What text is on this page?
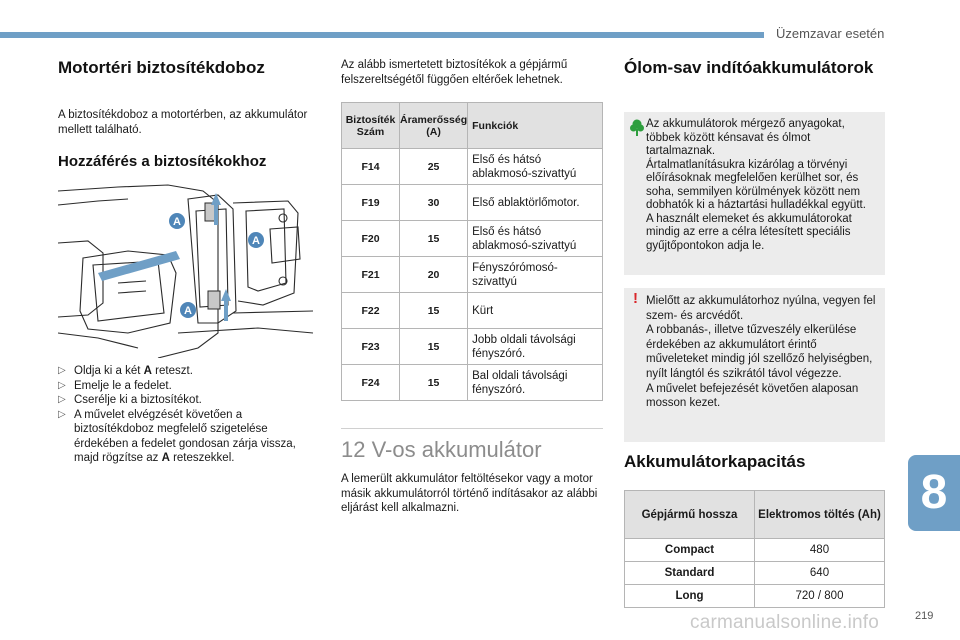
Üzemzavar esetén
Motortéri biztosítékdoboz

A biztosítékdoboz a motortérben, az akkumulátor mellett található.

Hozzáférés a biztosítékokhoz
A
A
A
▷ Oldja ki a két A reteszt.
▷ Emelje le a fedelet.
▷ Cserélje ki a biztosítékot.
▷ A művelet elvégzését követően a biztosítékdoboz megfelelő szigetelése érdekében a fedelet gondosan zárja vissza, majd rögzítse az A reteszekkel.

Az alább ismertetett biztosítékok a gépjármű felszereltségétől függően eltérőek lehetnek.

Biztosíték Szám	Áramerősség (A)	Funkciók
F14	25	Első és hátsó ablakmosó-szivattyú
F19	30	Első ablaktörlőmotor.
F20	15	Első és hátsó ablakmosó-szivattyú
F21	20	Fényszórómosó-szivattyú
F22	15	Kürt
F23	15	Jobb oldali távolsági fényszóró.
F24	15	Bal oldali távolsági fényszóró.
12 V-os akkumulátor

A lemerült akkumulátor feltöltésekor vagy a motor másik akkumulátorról történő indításakor az alábbi eljárást kell alkalmazni.

Ólom-sav indítóakkumulátorok

Az akkumulátorok mérgező anyagokat, többek között kénsavat és ólmot tartalmaznak.
Ártalmatlanításukra kizárólag a törvényi előírásoknak megfelelően kerülhet sor, és soha, semmilyen körülmények között nem dobhatók ki a háztartási hulladékkal együtt.
A használt elemeket és akkumulátorokat mindig az erre a célra létesített speciális gyűjtőpontokon adja le.

! Mielőtt az akkumulátorhoz nyúlna, vegyen fel szem- és arcvédőt.
A robbanás-, illetve tűzveszély elkerülése érdekében az akkumulátort érintő műveleteket mindig jól szellőző helyiségben, nyílt lángtól és szikrától távol végezze.
A művelet befejezését követően alaposan mosson kezet.

Akkumulátorkapacitás
Gépjármű hossza	Elektromos töltés (Ah)
Compact	480
Standard	640
Long	720 / 800
8
carmanualsonline.info	219
